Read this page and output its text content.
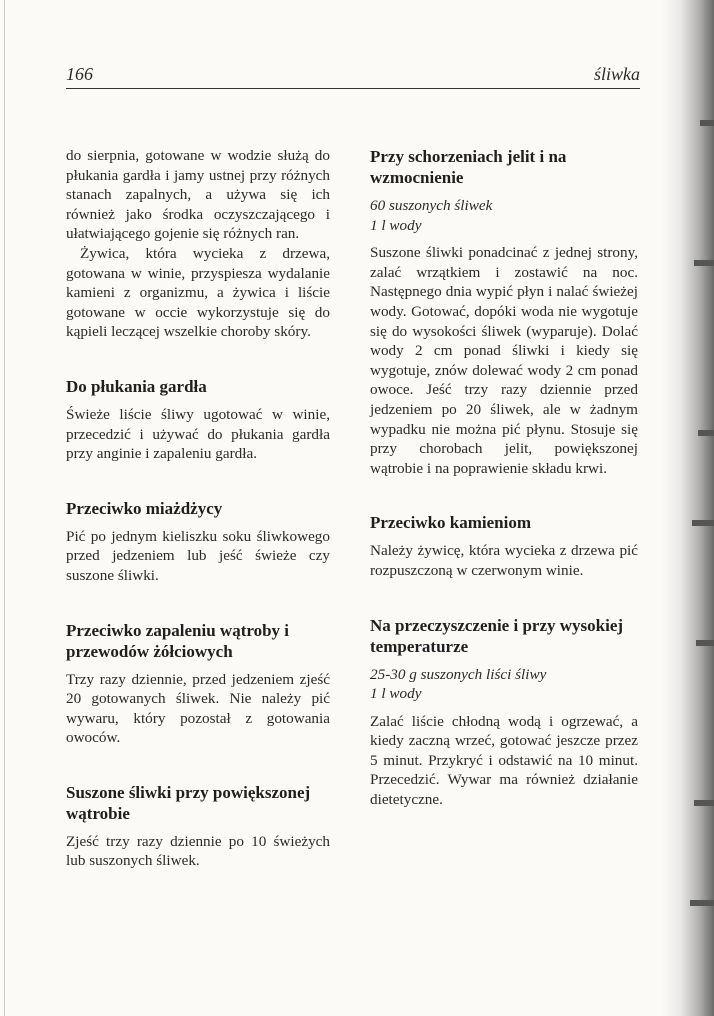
166	śliwka

do sierpnia, gotowane w wodzie służą do płukania gardła i jamy ustnej przy różnych stanach zapalnych, a używa się ich również jako środka oczyszczającego i ułatwiającego gojenie się różnych ran.

Żywica, która wycieka z drzewa, gotowana w winie, przyspiesza wydalanie kamieni z organizmu, a żywica i liście gotowane w occie wykorzystuje się do kąpieli leczącej wszelkie choroby skóry.

Do płukania gardła

Świeże liście śliwy ugotować w winie, przecedzić i używać do płukania gardła przy anginie i zapaleniu gardła.

Przeciwko miażdżycy

Pić po jednym kieliszku soku śliwkowego przed jedzeniem lub jeść świeże czy suszone śliwki.

Przeciwko zapaleniu wątroby i przewodów żółciowych

Trzy razy dziennie, przed jedzeniem zjeść 20 gotowanych śliwek. Nie należy pić wywaru, który pozostał z gotowania owoców.

Suszone śliwki przy powiększonej wątrobie

Zjeść trzy razy dziennie po 10 świeżych lub suszonych śliwek.

Przy schorzeniach jelit i na wzmocnienie
60 suszonych śliwek
1 l wody

Suszone śliwki ponadcinać z jednej strony, zalać wrzątkiem i zostawić na noc. Następnego dnia wypić płyn i nalać świeżej wody. Gotować, dopóki woda nie wygotuje się do wysokości śliwek (wyparuje). Dolać wody 2 cm ponad śliwki i kiedy się wygotuje, znów dolewać wody 2 cm ponad owoce. Jeść trzy razy dziennie przed jedzeniem po 20 śliwek, ale w żadnym wypadku nie można pić płynu. Stosuje się przy chorobach jelit, powiększonej wątrobie i na poprawienie składu krwi.

Przeciwko kamieniom

Należy żywicę, która wycieka z drzewa pić rozpuszczoną w czerwonym winie.

Na przeczyszczenie i przy wysokiej temperaturze
25-30 g suszonych liści śliwy
1 l wody

Zalać liście chłodną wodą i ogrzewać, a kiedy zaczną wrzeć, gotować jeszcze przez 5 minut. Przykryć i odstawić na 10 minut. Przecedzić. Wywar ma również działanie dietetyczne.
